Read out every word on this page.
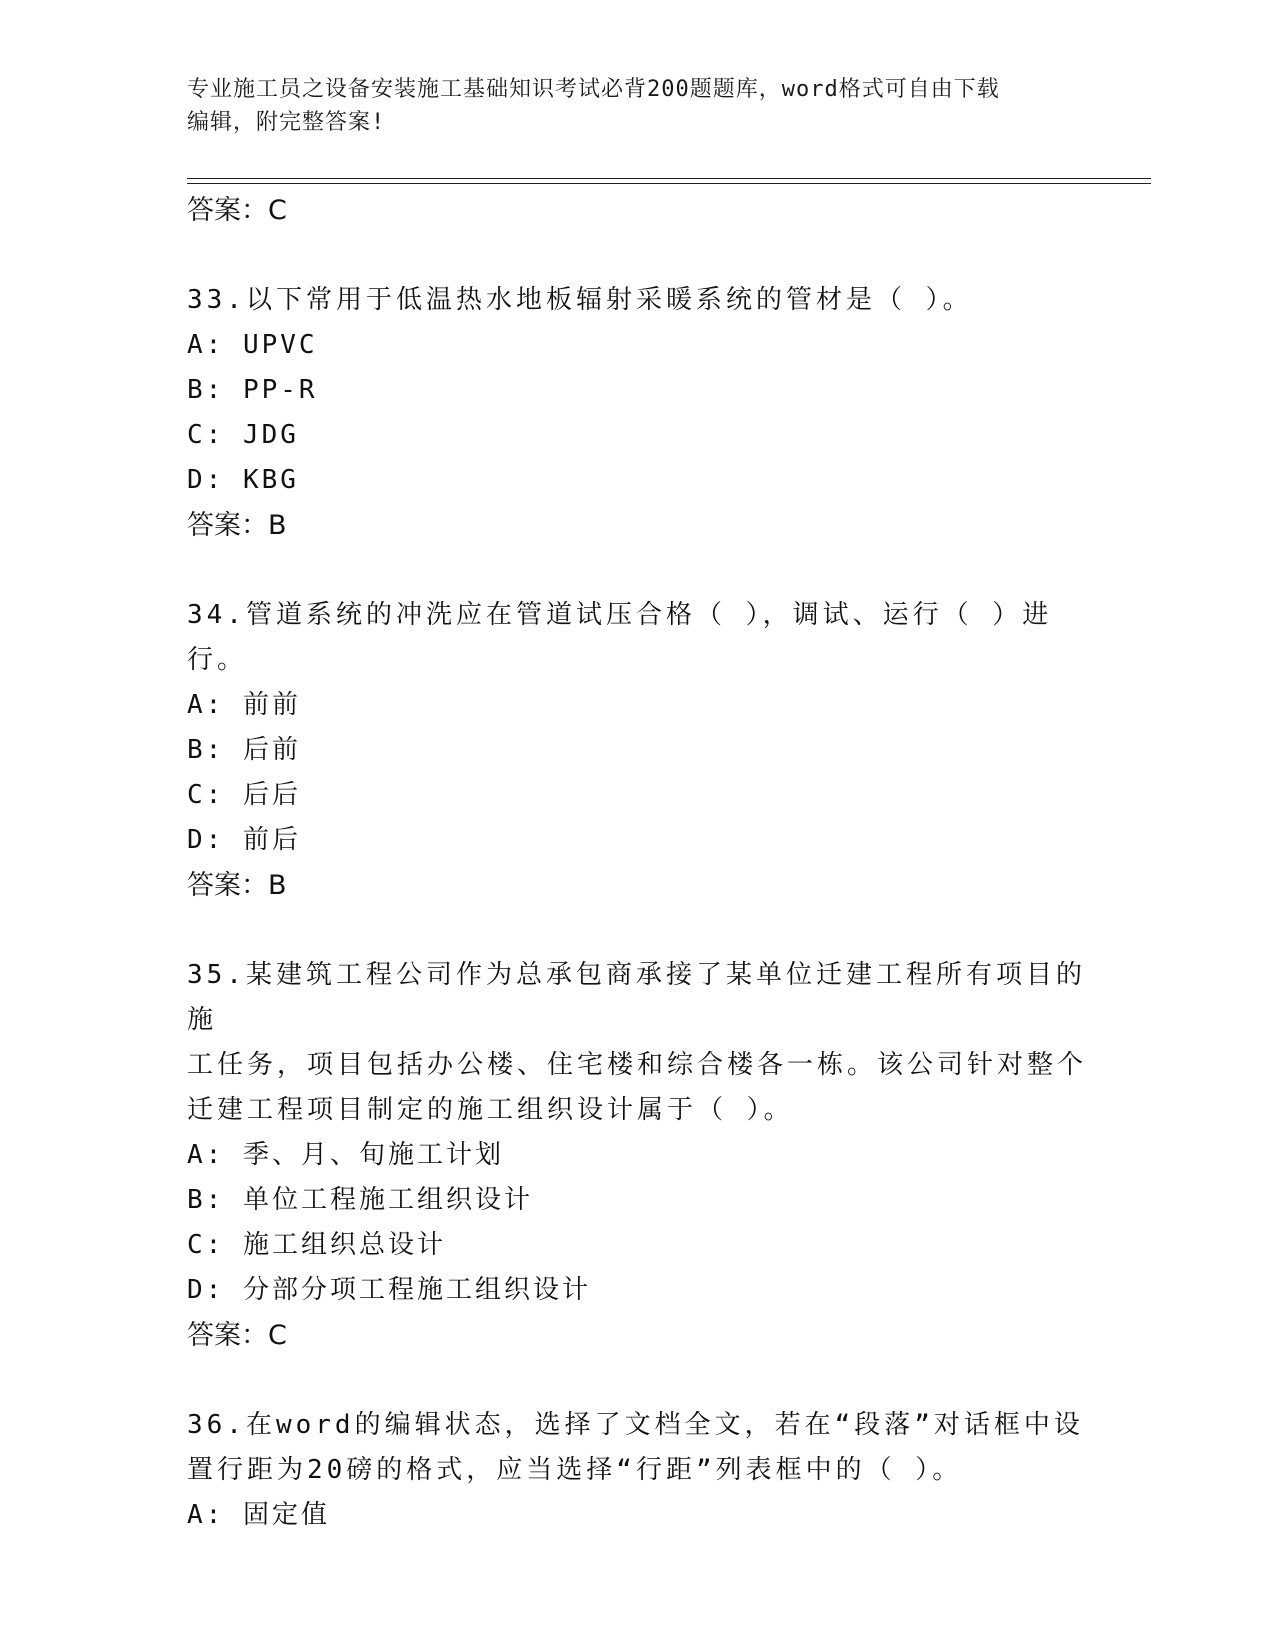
专业施工员之设备安装施工基础知识考试必背200题题库，word格式可自由下载
编辑，附完整答案!
答案：C
33.以下常用于低温热水地板辐射采暖系统的管材是（ ）。
A: UPVC
B: PP-R
C: JDG
D: KBG
答案：B
34.管道系统的冲洗应在管道试压合格（ ），调试、运行（ ）进行。
A: 前前
B: 后前
C: 后后
D: 前后
答案：B
35.某建筑工程公司作为总承包商承接了某单位迁建工程所有项目的施
工任务，项目包括办公楼、住宅楼和综合楼各一栋。该公司针对整个
迁建工程项目制定的施工组织设计属于（ ）。
A: 季、月、旬施工计划
B: 单位工程施工组织设计
C: 施工组织总设计
D: 分部分项工程施工组织设计
答案：C
36.在word的编辑状态，选择了文档全文，若在“段落”对话框中设
置行距为20磅的格式，应当选择“行距”列表框中的（ ）。
A: 固定值
